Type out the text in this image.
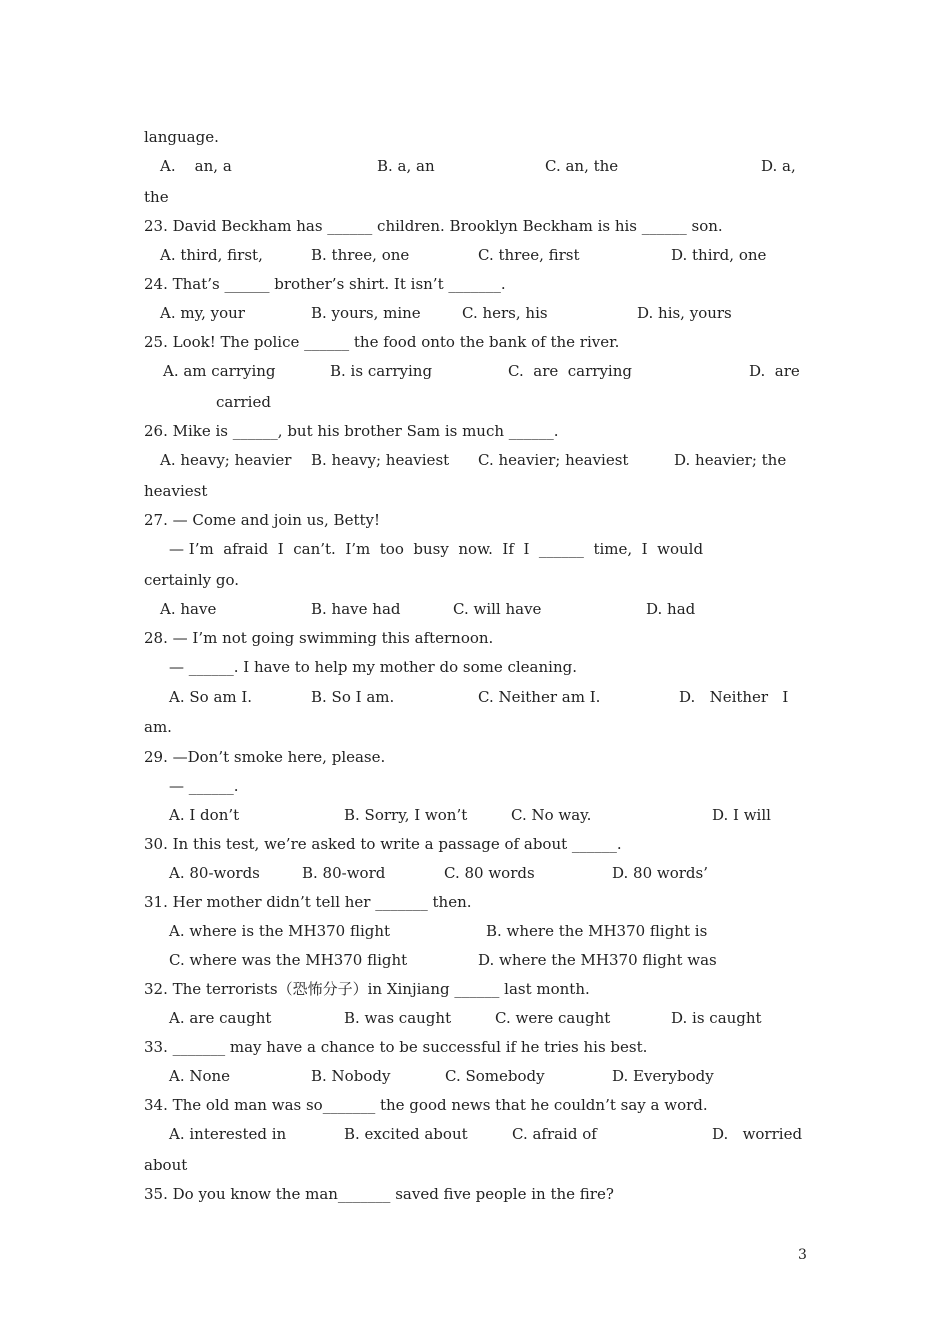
language.
A.    an, a	B. a, an	C. an, the	D. a,
the
23. David Beckham has ______ children. Brooklyn Beckham is his ______ son.
A. third, first,	B. three, one	C. three, first	D. third, one
24. That’s ______ brother’s shirt. It isn’t _______.
A. my, your	B. yours, mine	C. hers, his	D. his, yours
25. Look! The police ______ the food onto the bank of the river.
A. am carrying	B. is carrying	C.  are  carrying	D.  are
carried
26. Mike is ______, but his brother Sam is much ______.
A. heavy; heavier B. heavy; heaviest C. heavier; heaviest	D. heavier; the
heaviest
27. — Come and join us, Betty!
— I’m  afraid  I  can’t.  I’m  too  busy  now.  If  I  ______  time,  I  would
certainly go.
A. have	B. have had	C. will have	D. had
28. — I’m not going swimming this afternoon.
— ______. I have to help my mother do some cleaning.
A. So am I.	B. So I am.	C. Neither am I.	D.   Neither   I
am.
29. —Don’t smoke here, please.
— ______.
A. I don’t	B. Sorry, I won’t	C. No way.	D. I will
30. In this test, we’re asked to write a passage of about ______.
A. 80-words	B. 80-word	C. 80 words	D. 80 words’
31. Her mother didn’t tell her _______ then.
A. where is the MH370 flight	B. where the MH370 flight is
C. where was the MH370 flight	D. where the MH370 flight was
32. The terrorists（恐怖分子）in Xinjiang ______ last month.
A. are caught	B. was caught	C. were caught	D. is caught
33. _______ may have a chance to be successful if he tries his best.
A. None	B. Nobody	C. Somebody	D. Everybody
34. The old man was so_______ the good news that he couldn’t say a word.
A. interested in	B. excited about	C. afraid of	D.   worried
about
35. Do you know the man_______ saved five people in the fire?
3
